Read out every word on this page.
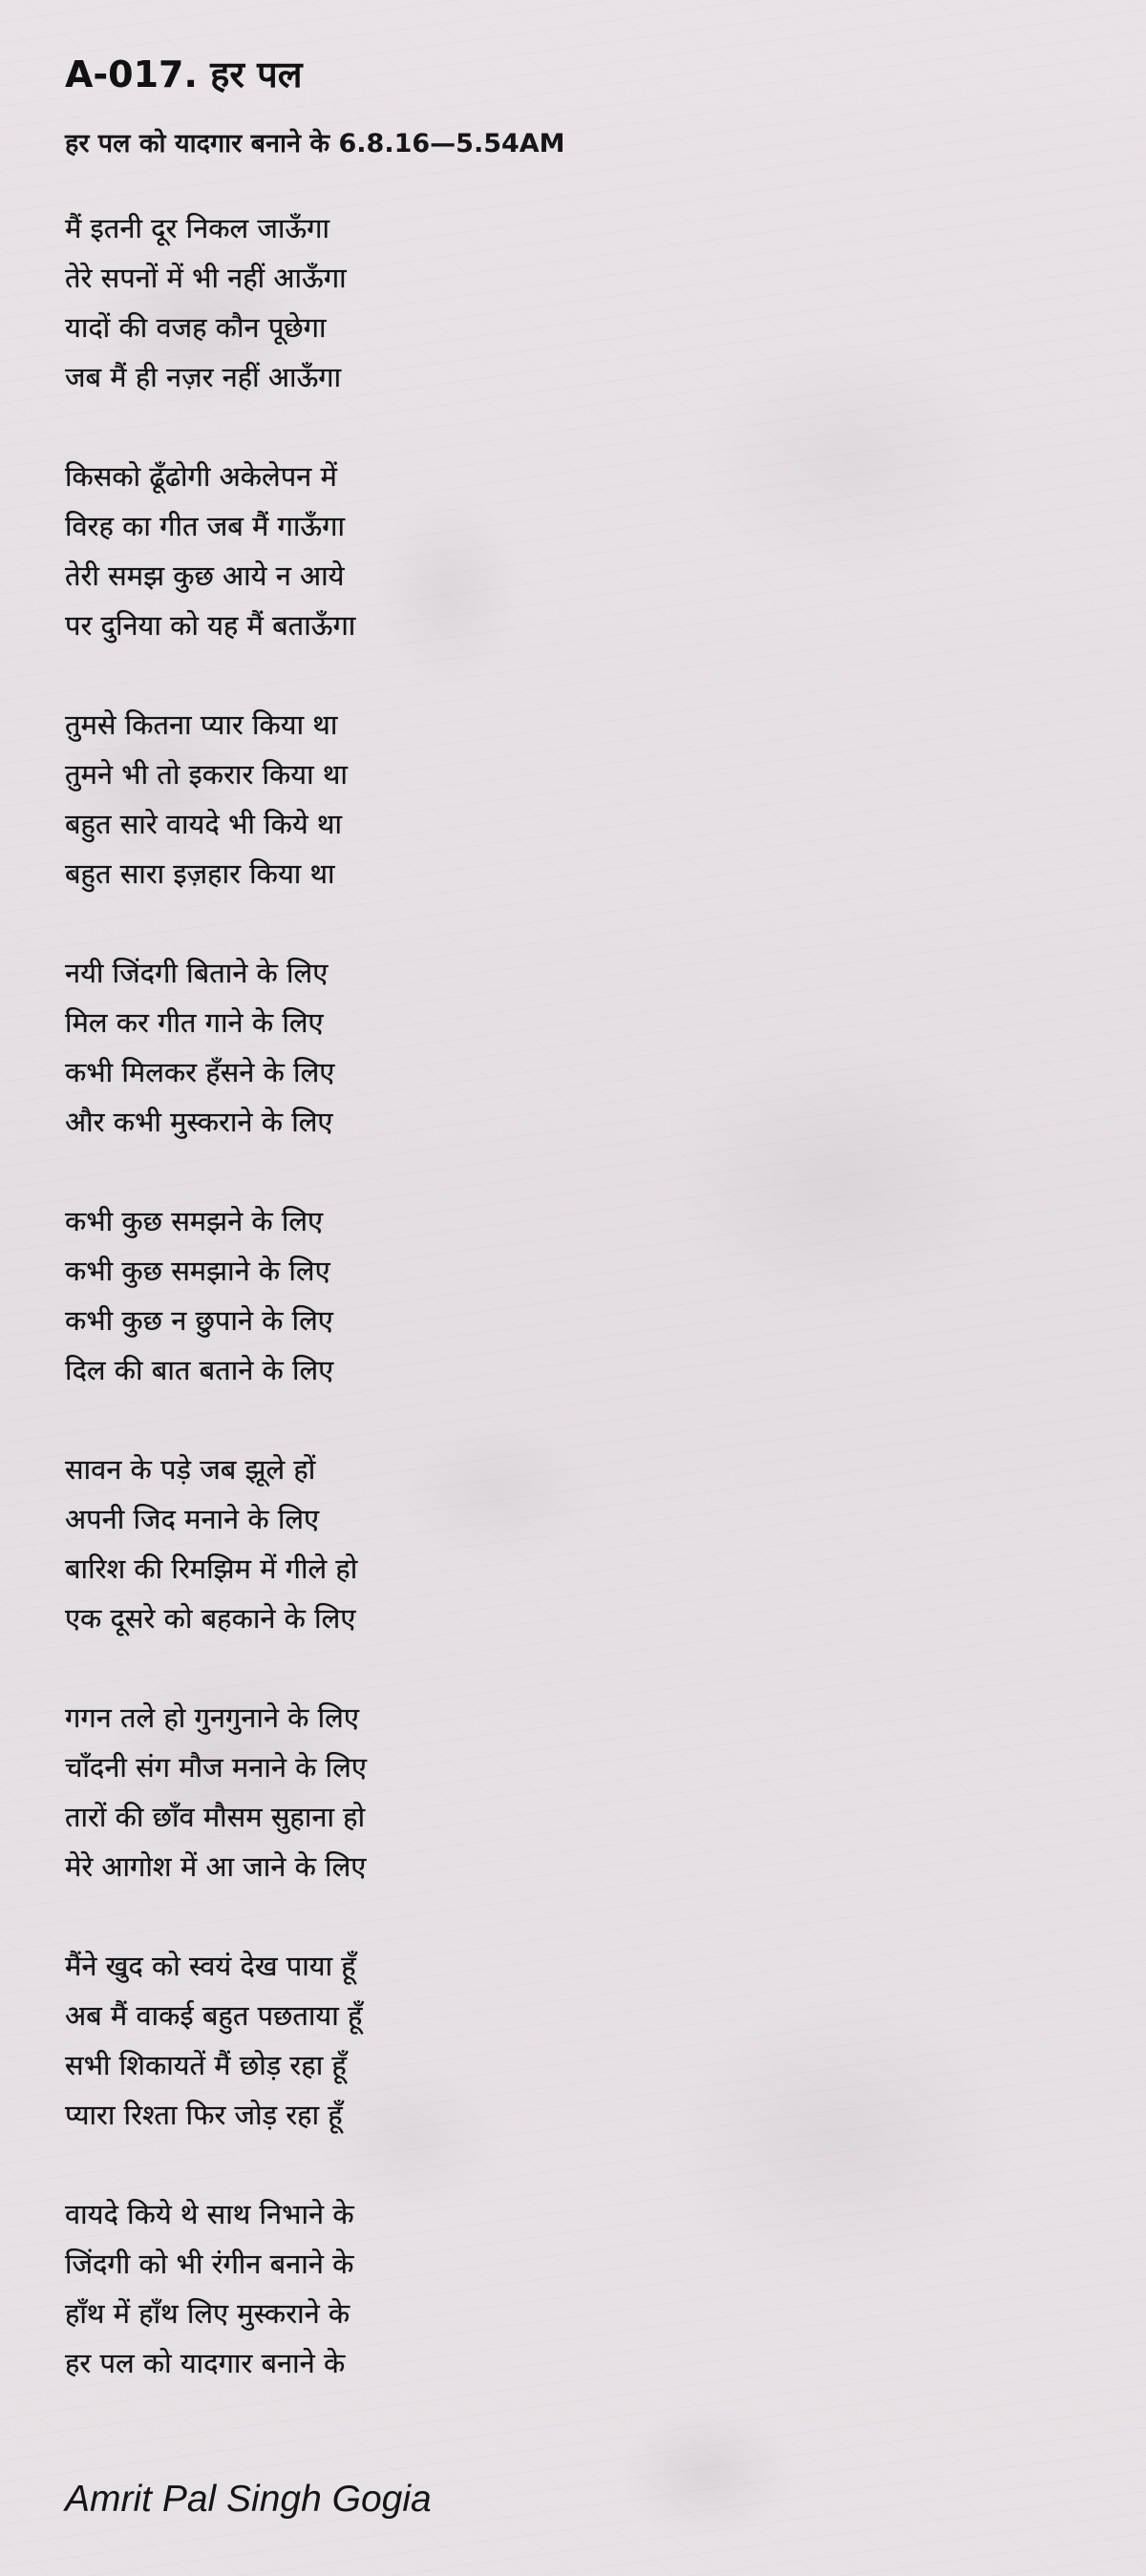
A-017. हर पल
हर पल को यादगार बनाने के 6.8.16—5.54AM
मैं इतनी दूर निकल जाऊँगा
तेरे सपनों में भी नहीं आऊँगा
यादों की वजह कौन पूछेगा
जब मैं ही नज़र नहीं आऊँगा
किसको ढूँढोगी अकेलेपन में
विरह का गीत जब मैं गाऊँगा
तेरी समझ कुछ आये न आये
पर दुनिया को यह मैं बताऊँगा
तुमसे कितना प्यार किया था
तुमने भी तो इकरार किया था
बहुत सारे वायदे भी किये था
बहुत सारा इज़हार किया था
नयी जिंदगी बिताने के लिए
मिल कर गीत गाने के लिए
कभी मिलकर हँसने के लिए
और कभी मुस्कराने के लिए
कभी कुछ समझने के लिए
कभी कुछ समझाने के लिए
कभी कुछ न छुपाने के लिए
दिल की बात बताने के लिए
सावन के पड़े जब झूले हों
अपनी जिद मनाने के लिए
बारिश की रिमझिम में गीले हो
एक दूसरे को बहकाने के लिए
गगन तले हो गुनगुनाने के लिए
चाँदनी संग मौज मनाने के लिए
तारों की छाँव मौसम सुहाना हो
मेरे आगोश में आ जाने के लिए
मैंने खुद को स्वयं देख पाया हूँ
अब मैं वाकई बहुत पछताया हूँ
सभी शिकायतें मैं छोड़ रहा हूँ
प्यारा रिश्ता फिर जोड़ रहा हूँ
वायदे किये थे साथ निभाने के
जिंदगी को भी रंगीन बनाने के
हाँथ में हाँथ लिए मुस्कराने के
हर पल को यादगार बनाने के
Amrit Pal Singh Gogia
